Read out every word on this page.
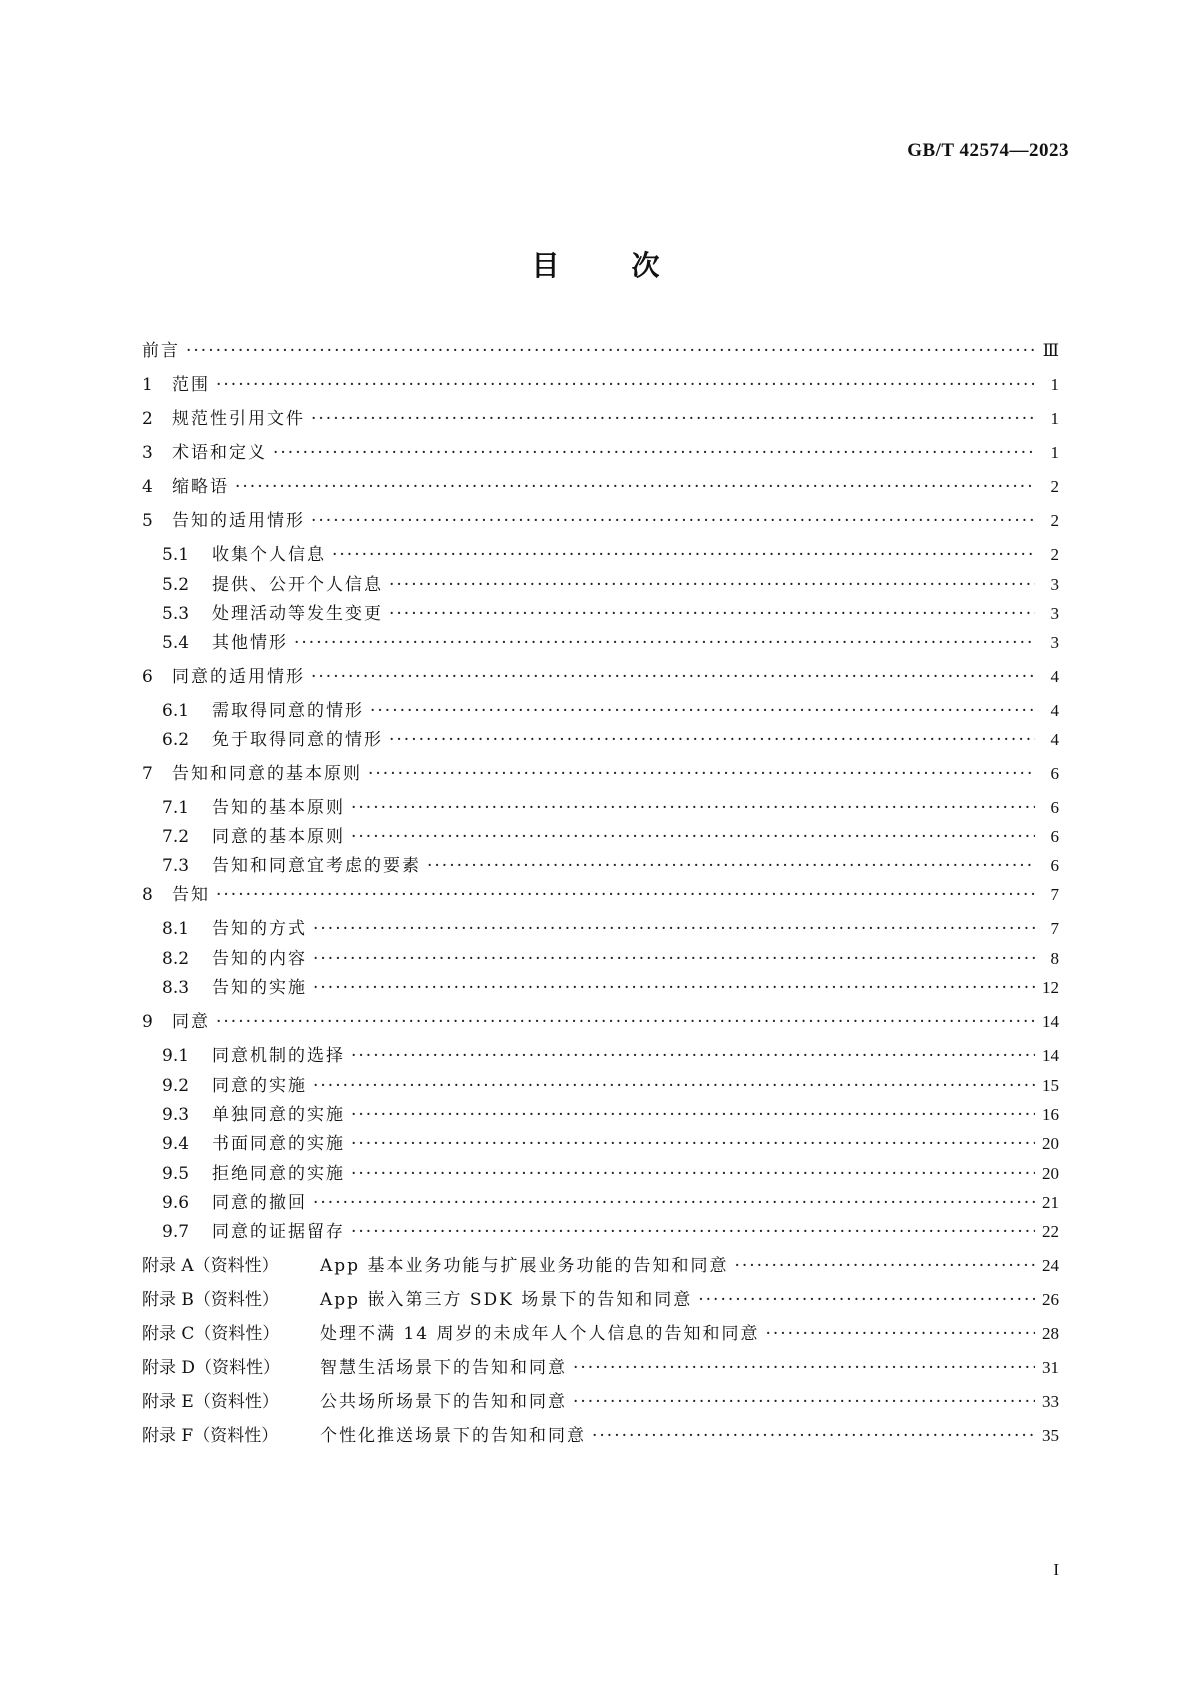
GB/T 42574—2023
目	次
前言 ·····	Ⅲ
1	范围 ·····	1
2	规范性引用文件 ·····	1
3	术语和定义 ·····	1
4	缩略语 ·····	2
5	告知的适用情形 ·····	2
5.1	收集个人信息 ·····	2
5.2	提供、公开个人信息 ·····	3
5.3	处理活动等发生变更 ·····	3
5.4	其他情形 ·····	3
6	同意的适用情形 ·····	4
6.1	需取得同意的情形 ·····	4
6.2	免于取得同意的情形 ·····	4
7	告知和同意的基本原则 ·····	6
7.1	告知的基本原则 ·····	6
7.2	同意的基本原则 ·····	6
7.3	告知和同意宜考虑的要素 ·····	6
8	告知 ·····	7
8.1	告知的方式 ·····	7
8.2	告知的内容 ·····	8
8.3	告知的实施 ·····	12
9	同意 ·····	14
9.1	同意机制的选择 ·····	14
9.2	同意的实施 ·····	15
9.3	单独同意的实施 ·····	16
9.4	书面同意的实施 ·····	20
9.5	拒绝同意的实施 ·····	20
9.6	同意的撤回 ·····	21
9.7	同意的证据留存 ·····	22
附录 A（资料性）	App 基本业务功能与扩展业务功能的告知和同意 ·····	24
附录 B（资料性）	App 嵌入第三方 SDK 场景下的告知和同意 ·····	26
附录 C（资料性）	处理不满 14 周岁的未成年人个人信息的告知和同意 ·····	28
附录 D（资料性）	智慧生活场景下的告知和同意 ·····	31
附录 E（资料性）	公共场所场景下的告知和同意 ·····	33
附录 F（资料性）	个性化推送场景下的告知和同意 ·····	35
I
